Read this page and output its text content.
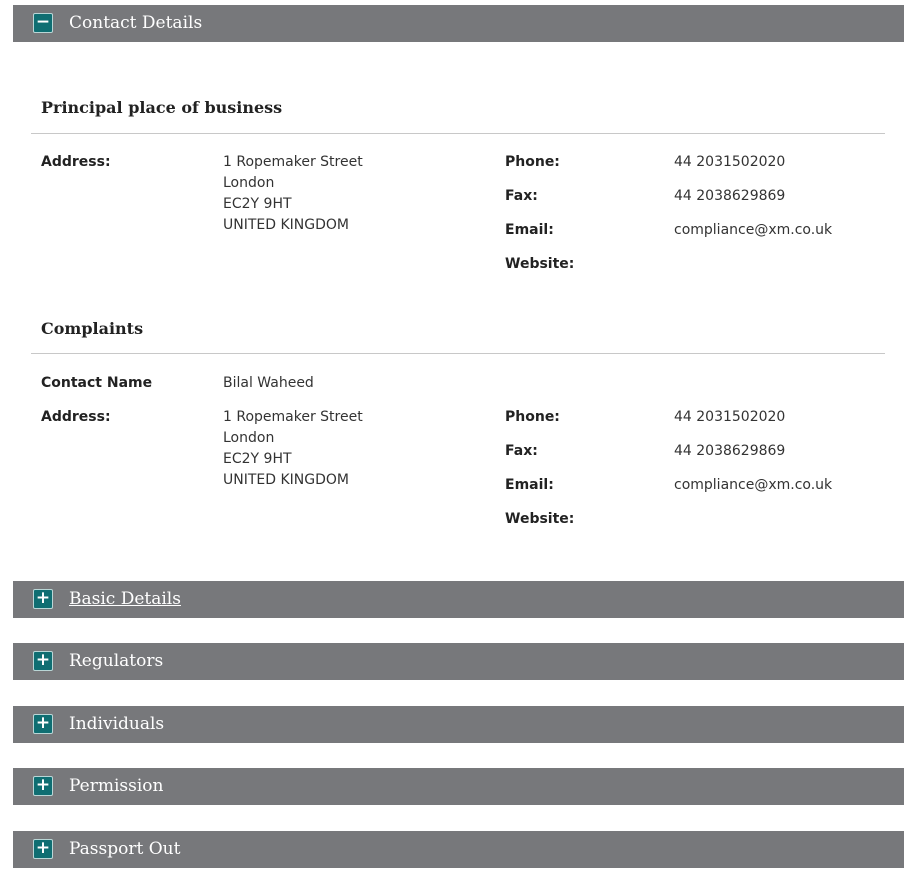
− Contact Details
Principal place of business
Address:	1 Ropemaker Street
London
EC2Y 9HT
UNITED KINGDOM
Phone:	44 2031502020
Fax:	44 2038629869
Email:	compliance@xm.co.uk
Website:
Complaints
Contact Name	Bilal Waheed
Address:	1 Ropemaker Street
London
EC2Y 9HT
UNITED KINGDOM
Phone:	44 2031502020
Fax:	44 2038629869
Email:	compliance@xm.co.uk
Website:
+ Basic Details
+ Regulators
+ Individuals
+ Permission
+ Passport Out
